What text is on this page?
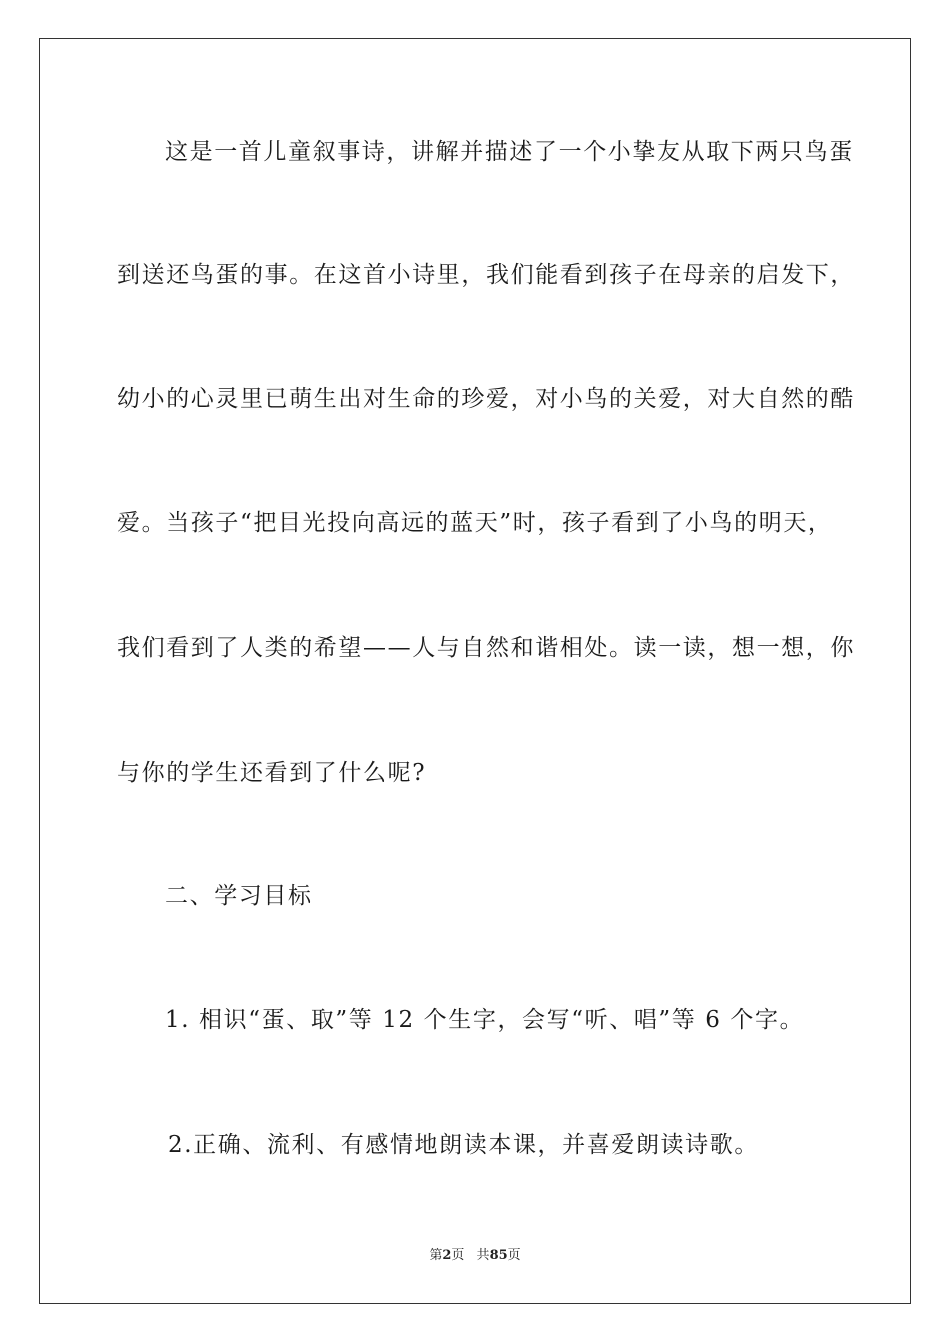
这是一首儿童叙事诗，讲解并描述了一个小挚友从取下两只鸟蛋
到送还鸟蛋的事。在这首小诗里，我们能看到孩子在母亲的启发下，
幼小的心灵里已萌生出对生命的珍爱，对小鸟的关爱，对大自然的酷
爱。当孩子“把目光投向高远的蓝天”时，孩子看到了小鸟的明天，
我们看到了人类的希望——人与自然和谐相处。读一读，想一想，你
与你的学生还看到了什么呢?
二、学习目标
1. 相识“蛋、取”等 12 个生字，会写“听、唱”等 6 个字。
2.正确、流利、有感情地朗读本课，并喜爱朗读诗歌。
第2页 共85页
